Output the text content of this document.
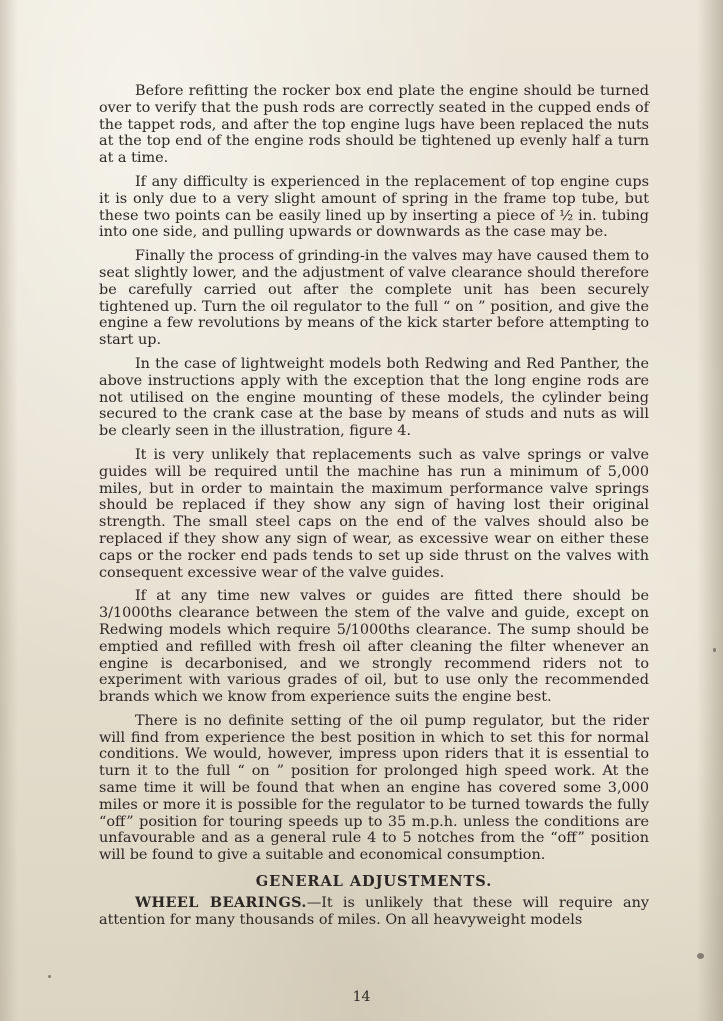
Before refitting the rocker box end plate the engine should be turned over to verify that the push rods are correctly seated in the cupped ends of the tappet rods, and after the top engine lugs have been replaced the nuts at the top end of the engine rods should be tightened up evenly half a turn at a time.

If any difficulty is experienced in the replacement of top engine cups it is only due to a very slight amount of spring in the frame top tube, but these two points can be easily lined up by inserting a piece of ½ in. tubing into one side, and pulling upwards or downwards as the case may be.

Finally the process of grinding-in the valves may have caused them to seat slightly lower, and the adjustment of valve clearance should therefore be carefully carried out after the complete unit has been securely tightened up. Turn the oil regulator to the full “ on ” position, and give the engine a few revolutions by means of the kick starter before attempting to start up.

In the case of lightweight models both Redwing and Red Panther, the above instructions apply with the exception that the long engine rods are not utilised on the engine mounting of these models, the cylinder being secured to the crank case at the base by means of studs and nuts as will be clearly seen in the illustration, figure 4.

It is very unlikely that replacements such as valve springs or valve guides will be required until the machine has run a minimum of 5,000 miles, but in order to maintain the maximum performance valve springs should be replaced if they show any sign of having lost their original strength. The small steel caps on the end of the valves should also be replaced if they show any sign of wear, as excessive wear on either these caps or the rocker end pads tends to set up side thrust on the valves with consequent excessive wear of the valve guides.

If at any time new valves or guides are fitted there should be 3/1000ths clearance between the stem of the valve and guide, except on Redwing models which require 5/1000ths clearance. The sump should be emptied and refilled with fresh oil after cleaning the filter whenever an engine is decarbonised, and we strongly recommend riders not to experiment with various grades of oil, but to use only the recommended brands which we know from experience suits the engine best.

There is no definite setting of the oil pump regulator, but the rider will find from experience the best position in which to set this for normal conditions. We would, however, impress upon riders that it is essential to turn it to the full “ on ” position for prolonged high speed work. At the same time it will be found that when an engine has covered some 3,000 miles or more it is possible for the regulator to be turned towards the fully “off” position for touring speeds up to 35 m.p.h. unless the conditions are unfavourable and as a general rule 4 to 5 notches from the “off” position will be found to give a suitable and economical consumption.

GENERAL ADJUSTMENTS.

WHEEL BEARINGS.—It is unlikely that these will require any attention for many thousands of miles. On all heavyweight models

14
